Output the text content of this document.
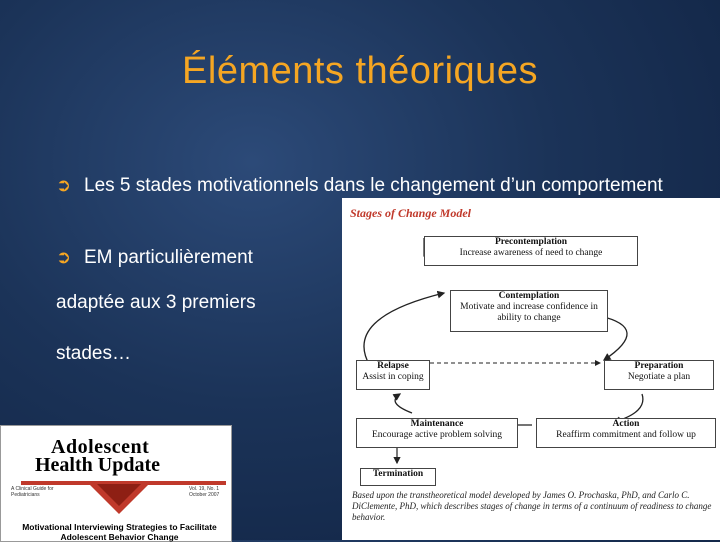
Éléments théoriques
➲ Les 5 stades motivationnels dans le changement d’un comportement
➲ EM particulièrement
adaptée aux 3 premiers
stades…
Stages of Change Model
Precontemplation
Increase awareness of need to change
Contemplation
Motivate and increase confidence in ability to change
Relapse
Assist in coping
Preparation
Negotiate a plan
Maintenance
Encourage active problem solving
Action
Reaffirm commitment and follow up
Termination
Based upon the transtheoretical model developed by James O. Prochaska, PhD, and Carlo C. DiClemente, PhD, which describes stages of change in terms of a continuum of readiness to change behavior.
Adolescent
Health Update
A Clinical Guide for Pediatricians
Vol. 19, No. 1 October 2007
Motivational Interviewing Strategies to Facilitate Adolescent Behavior Change
